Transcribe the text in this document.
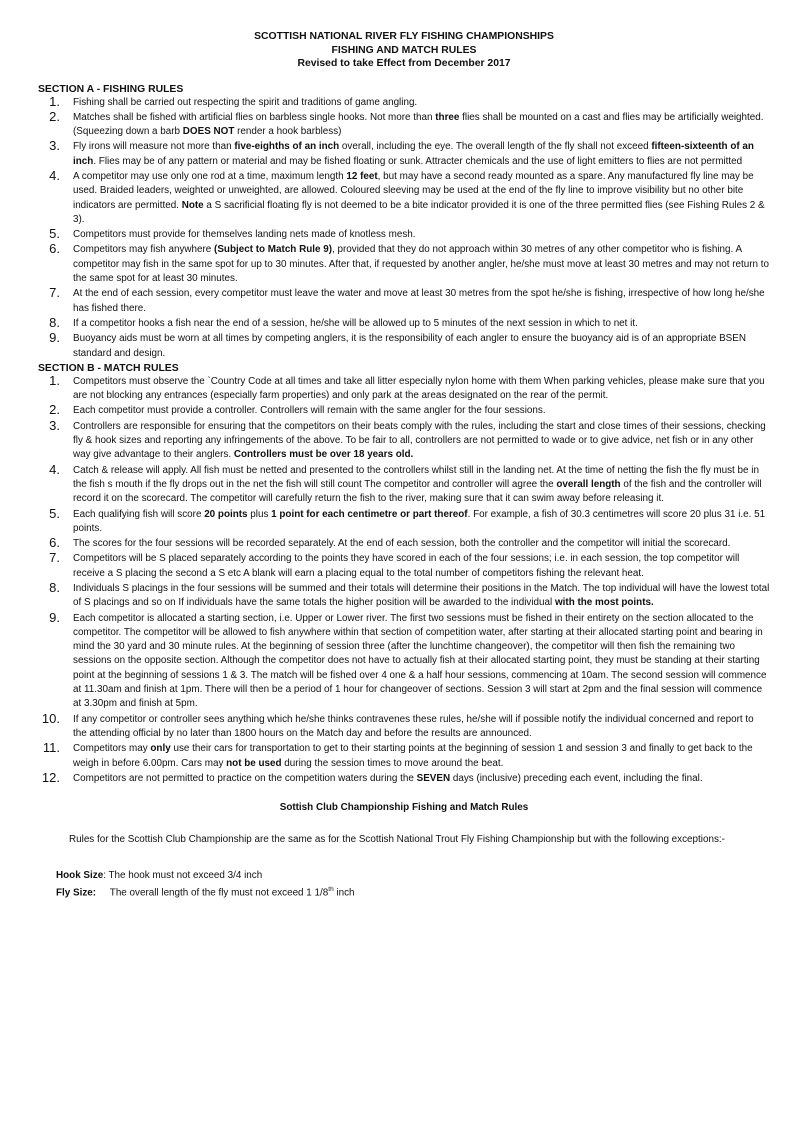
SCOTTISH NATIONAL RIVER FLY FISHING CHAMPIONSHIPS
FISHING AND MATCH RULES
Revised to take Effect from December 2017
SECTION A - FISHING RULES
1. Fishing shall be carried out respecting the spirit and traditions of game angling.
2. Matches shall be fished with artificial flies on barbless single hooks. Not more than three flies shall be mounted on a cast and flies may be artificially weighted. (Squeezing down a barb DOES NOT render a hook barbless)
3. Fly irons will measure not more than five-eighths of an inch overall, including the eye. The overall length of the fly shall not exceed fifteen-sixteenth of an inch. Flies may be of any pattern or material and may be fished floating or sunk. Attracter chemicals and the use of light emitters to flies are not permitted
4. A competitor may use only one rod at a time, maximum length 12 feet, but may have a second ready mounted as a spare. Any manufactured fly line may be used. Braided leaders, weighted or unweighted, are allowed. Coloured sleeving may be used at the end of the fly line to improve visibility but no other bite indicators are permitted. Note a S sacrificial floating fly is not deemed to be a bite indicator provided it is one of the three permitted flies (see Fishing Rules 2 & 3).
5. Competitors must provide for themselves landing nets made of knotless mesh.
6. Competitors may fish anywhere (Subject to Match Rule 9), provided that they do not approach within 30 metres of any other competitor who is fishing. A competitor may fish in the same spot for up to 30 minutes. After that, if requested by another angler, he/she must move at least 30 metres and may not return to the same spot for at least 30 minutes.
7. At the end of each session, every competitor must leave the water and move at least 30 metres from the spot he/she is fishing, irrespective of how long he/she has fished there.
8. If a competitor hooks a fish near the end of a session, he/she will be allowed up to 5 minutes of the next session in which to net it.
9. Buoyancy aids must be worn at all times by competing anglers, it is the responsibility of each angler to ensure the buoyancy aid is of an appropriate BSEN standard and design.
SECTION B - MATCH RULES
1. Competitors must observe the `Country Code at all times and take all litter especially nylon home with them When parking vehicles, please make sure that you are not blocking any entrances (especially farm properties) and only park at the areas designated on the rear of the permit.
2. Each competitor must provide a controller. Controllers will remain with the same angler for the four sessions.
3. Controllers are responsible for ensuring that the competitors on their beats comply with the rules, including the start and close times of their sessions, checking fly & hook sizes and reporting any infringements of the above. To be fair to all, controllers are not permitted to wade or to give advice, net fish or in any other way give advantage to their anglers. Controllers must be over 18 years old.
4. Catch & release will apply. All fish must be netted and presented to the controllers whilst still in the landing net. At the time of netting the fish the fly must be in the fish s mouth if the fly drops out in the net the fish will still count The competitor and controller will agree the overall length of the fish and the controller will record it on the scorecard. The competitor will carefully return the fish to the river, making sure that it can swim away before releasing it.
5. Each qualifying fish will score 20 points plus 1 point for each centimetre or part thereof. For example, a fish of 30.3 centimetres will score 20 plus 31 i.e. 51 points.
6. The scores for the four sessions will be recorded separately. At the end of each session, both the controller and the competitor will initial the scorecard.
7. Competitors will be S placed separately according to the points they have scored in each of the four sessions; i.e. in each session, the top competitor will receive a S placing the second a S etc A blank will earn a placing equal to the total number of competitors fishing the relevant heat.
8. Individuals S placings in the four sessions will be summed and their totals will determine their positions in the Match. The top individual will have the lowest total of S placings and so on If individuals have the same totals the higher position will be awarded to the individual with the most points.
9. Each competitor is allocated a starting section, i.e. Upper or Lower river. The first two sessions must be fished in their entirety on the section allocated to the competitor. The competitor will be allowed to fish anywhere within that section of competition water, after starting at their allocated starting point and bearing in mind the 30 yard and 30 minute rules. At the beginning of session three (after the lunchtime changeover), the competitor will then fish the remaining two sessions on the opposite section. Although the competitor does not have to actually fish at their allocated starting point, they must be standing at their starting point at the beginning of sessions 1 & 3. The match will be fished over 4 one & a half hour sessions, commencing at 10am. The second session will commence at 11.30am and finish at 1pm. There will then be a period of 1 hour for changeover of sections. Session 3 will start at 2pm and the final session will commence at 3.30pm and finish at 5pm.
10. If any competitor or controller sees anything which he/she thinks contravenes these rules, he/she will if possible notify the individual concerned and report to the attending official by no later than 1800 hours on the Match day and before the results are announced.
11. Competitors may only use their cars for transportation to get to their starting points at the beginning of session 1 and session 3 and finally to get back to the weigh in before 6.00pm. Cars may not be used during the session times to move around the beat.
12. Competitors are not permitted to practice on the competition waters during the SEVEN days (inclusive) preceding each event, including the final.
Sottish Club Championship Fishing and Match Rules
Rules for the Scottish Club Championship are the same as for the Scottish National Trout Fly Fishing Championship but with the following exceptions:-
Hook Size: The hook must not exceed 3/4 inch
Fly Size: The overall length of the fly must not exceed 1 1/8th inch
